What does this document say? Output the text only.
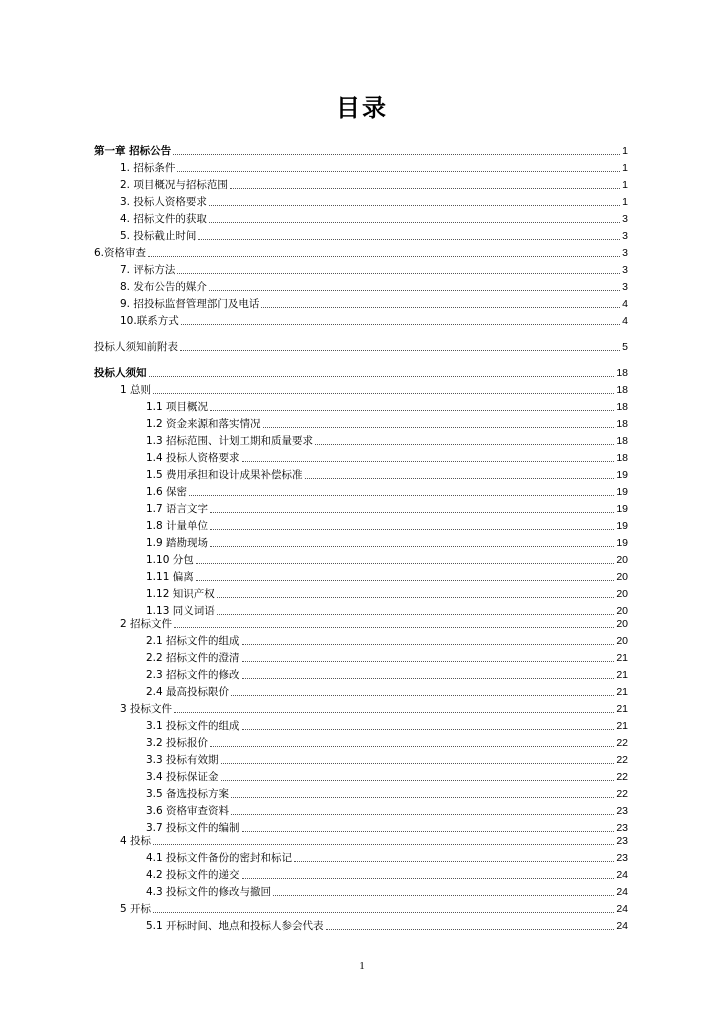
目录
第一章 招标公告	1
1. 招标条件	1
2. 项目概况与招标范围	1
3. 投标人资格要求	1
4. 招标文件的获取	3
5. 投标截止时间	3
6.资格审查	3
7. 评标方法	3
8. 发布公告的媒介	3
9. 招投标监督管理部门及电话	4
10.联系方式	4
投标人须知前附表	5
投标人须知	18
1 总则	18
1.1 项目概况	18
1.2 资金来源和落实情况	18
1.3 招标范围、计划工期和质量要求	18
1.4 投标人资格要求	18
1.5 费用承担和设计成果补偿标准	19
1.6 保密	19
1.7 语言文字	19
1.8 计量单位	19
1.9 踏勘现场	19
1.10 分包	20
1.11 偏离	20
1.12 知识产权	20
1.13 同义词语	20
2 招标文件	20
2.1 招标文件的组成	20
2.2 招标文件的澄清	21
2.3 招标文件的修改	21
2.4 最高投标限价	21
3 投标文件	21
3.1 投标文件的组成	21
3.2 投标报价	22
3.3 投标有效期	22
3.4 投标保证金	22
3.5 备选投标方案	22
3.6 资格审查资料	23
3.7 投标文件的编制	23
4 投标	23
4.1 投标文件备份的密封和标记	23
4.2 投标文件的递交	24
4.3 投标文件的修改与撤回	24
5 开标	24
5.1 开标时间、地点和投标人参会代表	24
1
